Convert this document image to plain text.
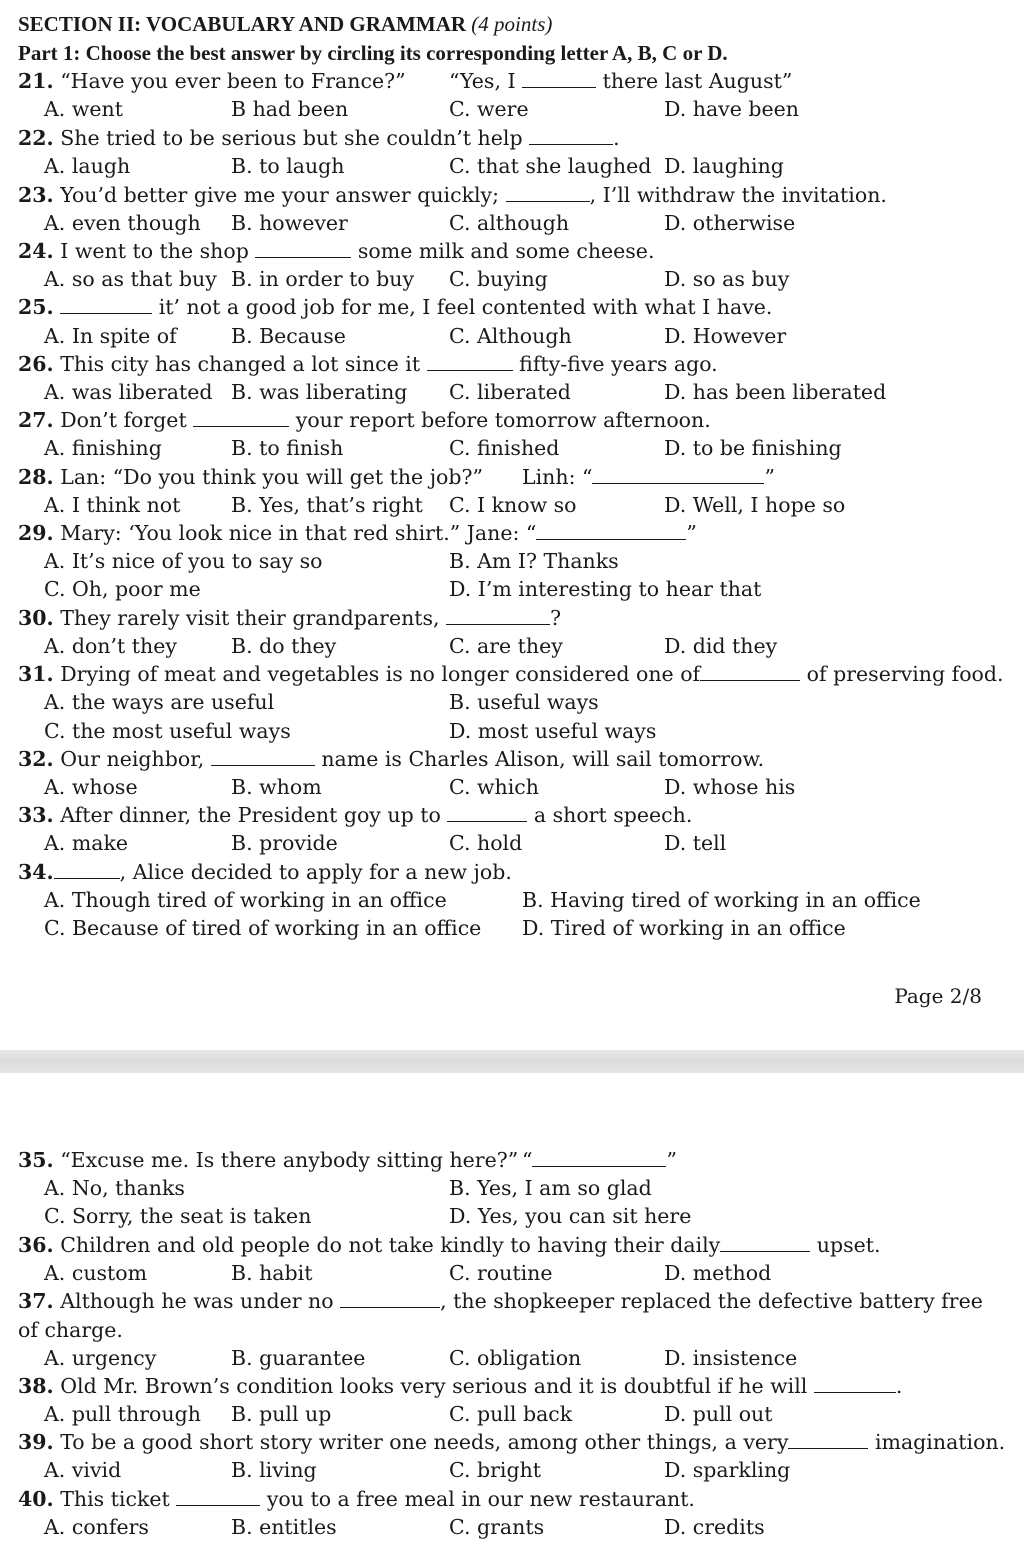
SECTION II: VOCABULARY AND GRAMMAR (4 points)
Part 1: Choose the best answer by circling its corresponding letter A, B, C or D.
21. “Have you ever been to France?” “Yes, I	there last August”
A. went	B had been	C. were	D. have been
22. She tried to be serious but she couldn’t help	.
A. laugh	B. to laugh	C. that she laughed D. laughing
23. You’d better give me your answer quickly;	, I’ll withdraw the invitation.
A. even though B. however	C. although	D. otherwise
24. I went to the shop	some milk and some cheese.
A. so as that buy B. in order to buy C. buying	D. so as buy
25.	it’ not a good job for me, I feel contented with what I have.
A. In spite of	B. Because	C. Although	D. However
26. This city has changed a lot since it	fifty-five years ago.
A. was liberated B. was liberating C. liberated	D. has been liberated
27. Don’t forget	your report before tomorrow afternoon.
A. finishing	B. to finish	C. finished	D. to be finishing
28. Lan: “Do you think you will get the job?” Linh: “	”
A. I think not B. Yes, that’s right C. I know so	D. Well, I hope so
29. Mary: ‘You look nice in that red shirt.” Jane: “	”
A. It’s nice of you to say so	B. Am I? Thanks
C. Oh, poor me	D. I’m interesting to hear that
30. They rarely visit their grandparents,	?
A. don’t they	B. do they	C. are they	D. did they
31. Drying of meat and vegetables is no longer considered one of	of preserving food.
A. the ways are useful	B. useful ways
C. the most useful ways	D. most useful ways
32. Our neighbor,	name is Charles Alison, will sail tomorrow.
A. whose	B. whom	C. which	D. whose his
33. After dinner, the President goy up to	a short speech.
A. make	B. provide	C. hold	D. tell
34.	, Alice decided to apply for a new job.
A. Though tired of working in an office	B. Having tired of working in an office
C. Because of tired of working in an office D. Tired of working in an office
Page 2/8
35. “Excuse me. Is there anybody sitting here?” “	”
A. No, thanks	B. Yes, I am so glad
C. Sorry, the seat is taken	D. Yes, you can sit here
36. Children and old people do not take kindly to having their daily	upset.
A. custom	B. habit	C. routine	D. method
37. Although he was under no	, the shopkeeper replaced the defective battery free
of charge.
A. urgency	B. guarantee	C. obligation	D. insistence
38. Old Mr. Brown’s condition looks very serious and it is doubtful if he will	.
A. pull through B. pull up	C. pull back	D. pull out
39. To be a good short story writer one needs, among other things, a very	imagination.
A. vivid	B. living	C. bright	D. sparkling
40. This ticket	you to a free meal in our new restaurant.
A. confers	B. entitles	C. grants	D. credits
